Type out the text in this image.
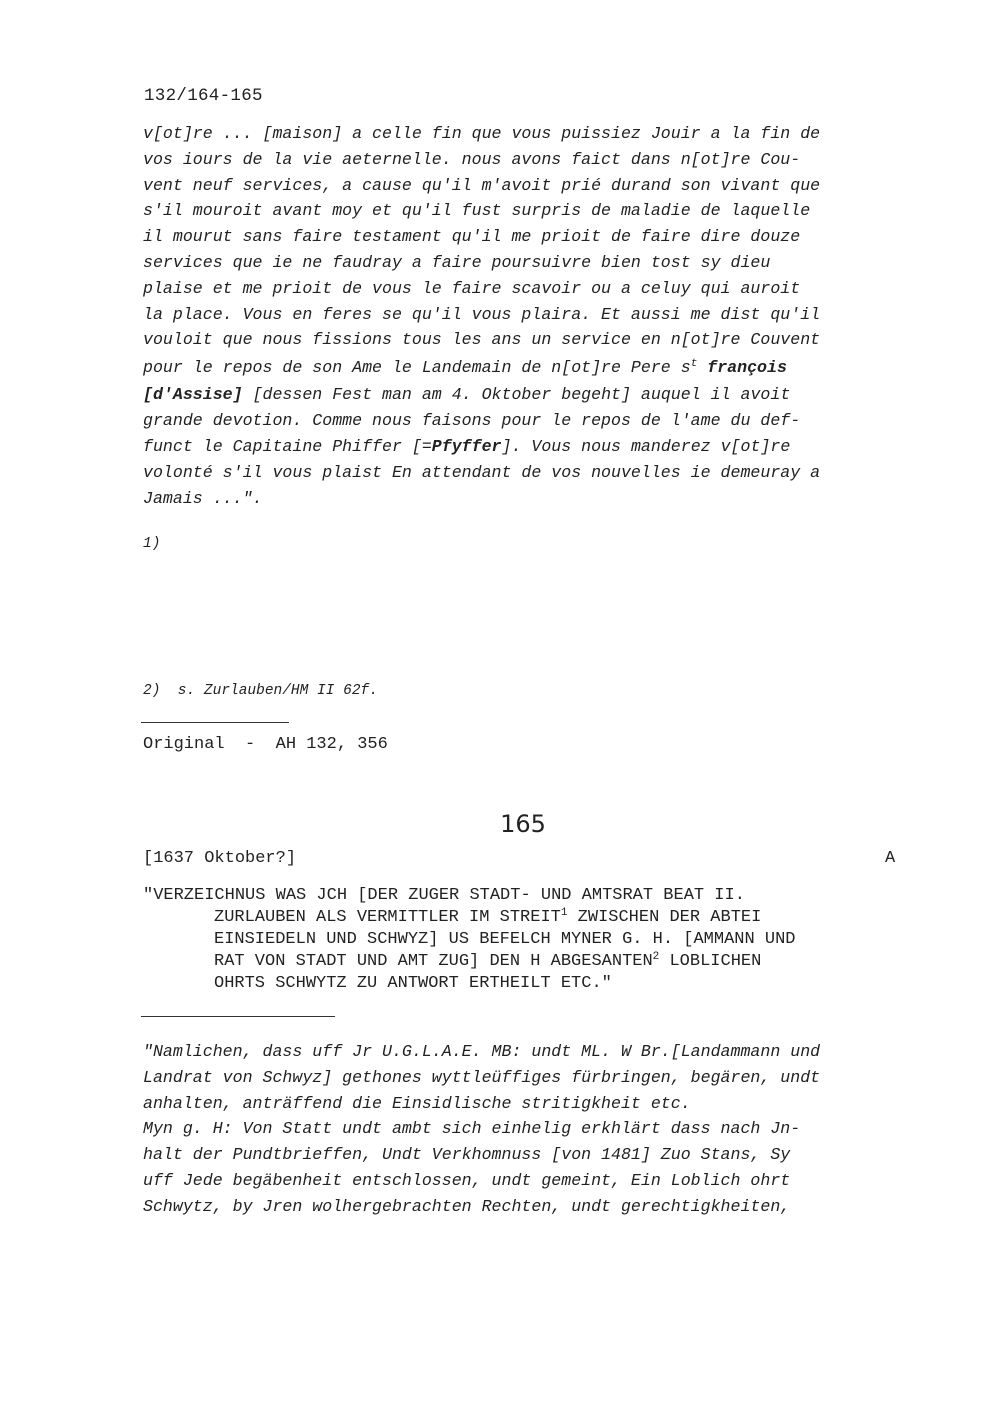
132/164-165
v[ot]re ... [maison] a celle fin que vous puissiez Jouir a la fin de
vos iours de la vie aeternelle. nous avons faict dans n[ot]re Cou-
vent neuf services, a cause qu'il m'avoit prié durand son vivant que
s'il mouroit avant moy et qu'il fust surpris de maladie de laquelle
il mourut sans faire testament qu'il me prioit de faire dire douze
services que ie ne faudray a faire poursuivre bien tost sy dieu
plaise et me prioit de vous le faire scavoir ou a celuy qui auroit
la place. Vous en feres se qu'il vous plaira. Et aussi me dist qu'il
vouloit que nous fissions tous les ans un service en n[ot]re Couvent
pour le repos de son Ame le Landemain de n[ot]re Pere $s^t$ françois
[d'Assise] [dessen Fest man am 4. Oktober begeht] auquel il avoit
grande devotion. Comme nous faisons pour le repos de l'ame du def-
funct le Capitaine Phiffer [=Pfyffer]. Vous nous manderez v[ot]re
volonté s'il vous plaist En attendant de vos nouvelles ie demeuray a
Jamais ...".
1)
2)  s. Zurlauben/HM II 62f.
Original  -  AH 132, 356
165
[1637 Oktober?]	A
"VERZEICHNUS WAS JCH [DER ZUGER STADT- UND AMTSRAT BEAT II.
ZURLAUBEN ALS VERMITTLER IM STREIT$^1$ ZWISCHEN DER ABTEI
EINSIEDELN UND SCHWYZ] US BEFELCH MYNER G. H. [AMMANN UND
RAT VON STADT UND AMT ZUG] DEN H ABGESANTEN$^2$ LOBLICHEN
OHRTS SCHWYTZ ZU ANTWORT ERTHEILT ETC."
"Namlichen, dass uff Jr U.G.L.A.E. MB: undt ML. W Br.[Landammann und
Landrat von Schwyz] gethones wyttleüffiges fürbringen, begären, undt
anhalten, anträffend die Einsidlische stritigkheit etc.
Myn g. H: Von Statt undt ambt sich einhelig erkhlärt dass nach Jn-
halt der Pundtbrieffen, Undt Verkhomnuss [von 1481] Zuo Stans, Sy
uff Jede begäbenheit entschlossen, undt gemeint, Ein Loblich ohrt
Schwytz, by Jren wolhergebrachten Rechten, undt gerechtigkheiten,
